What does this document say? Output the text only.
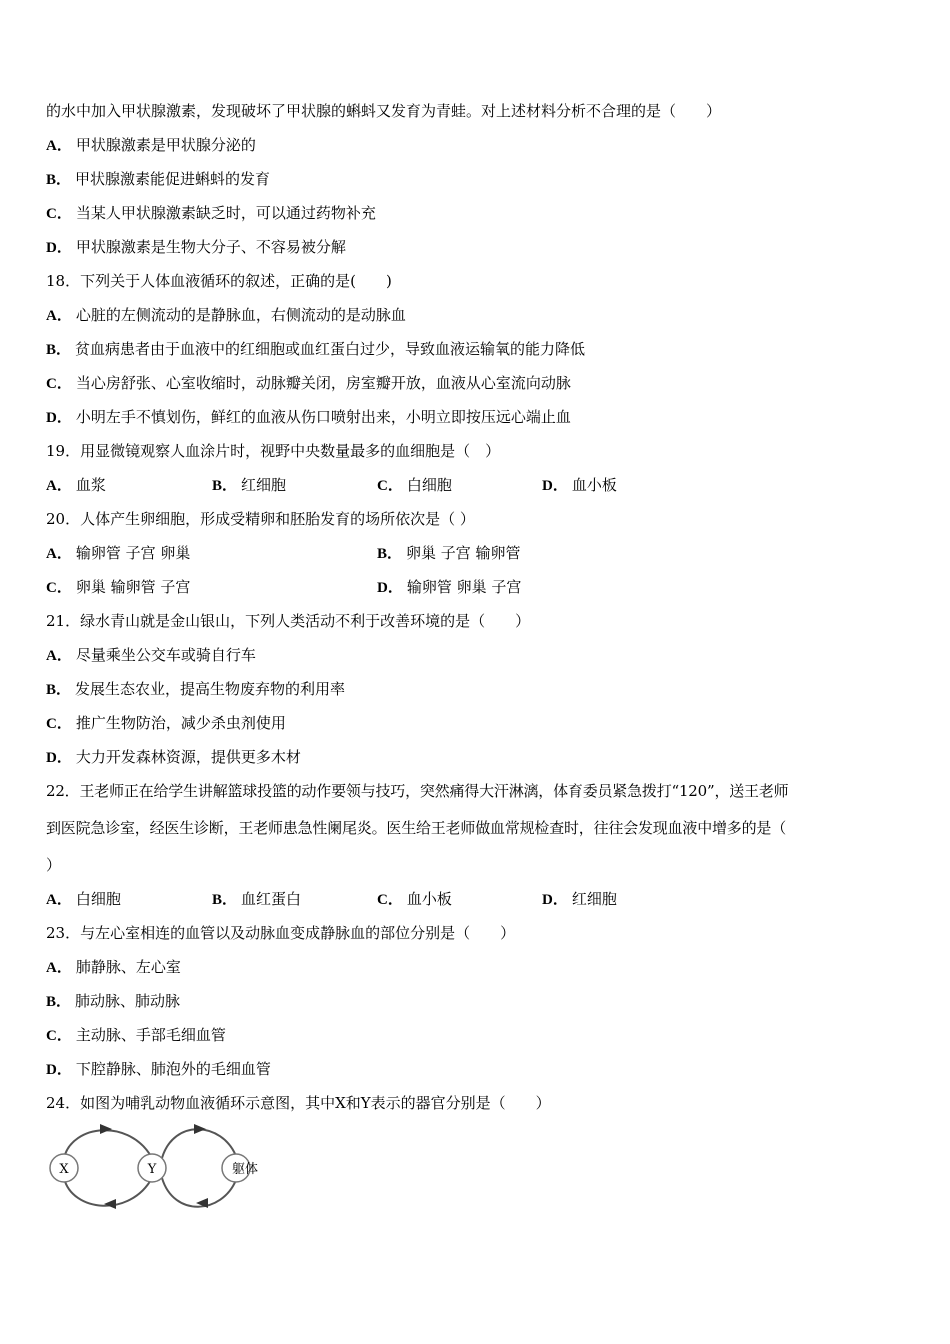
的水中加入甲状腺激素，发现破坏了甲状腺的蝌蚪又发育为青蛙。对上述材料分析不合理的是（　　）
A． 甲状腺激素是甲状腺分泌的
B． 甲状腺激素能促进蝌蚪的发育
C． 当某人甲状腺激素缺乏时，可以通过药物补充
D． 甲状腺激素是生物大分子、不容易被分解
18．下列关于人体血液循环的叙述，正确的是(　　)
A． 心脏的左侧流动的是静脉血，右侧流动的是动脉血
B． 贫血病患者由于血液中的红细胞或血红蛋白过少，导致血液运输氧的能力降低
C． 当心房舒张、心室收缩时，动脉瓣关闭，房室瓣开放，血液从心室流向动脉
D． 小明左手不慎划伤，鲜红的血液从伤口喷射出来，小明立即按压远心端止血
19．用显微镜观察人血涂片时，视野中央数量最多的血细胞是（　）
A． 血浆	B． 红细胞	C． 白细胞	D． 血小板
20．人体产生卵细胞，形成受精卵和胚胎发育的场所依次是（ ）
A． 输卵管 子宫 卵巢	B． 卵巢 子宫 输卵管
C． 卵巢 输卵管 子宫	D． 输卵管 卵巢 子宫
21．绿水青山就是金山银山，下列人类活动不利于改善环境的是（　　）
A． 尽量乘坐公交车或骑自行车
B． 发展生态农业，提高生物废弃物的利用率
C． 推广生物防治，减少杀虫剂使用
D． 大力开发森林资源，提供更多木材
22．王老师正在给学生讲解篮球投篮的动作要领与技巧，突然痛得大汗淋漓，体育委员紧急拨打“120”，送王老师
到医院急诊室，经医生诊断，王老师患急性阑尾炎。医生给王老师做血常规检查时，往往会发现血液中增多的是（
）
A． 白细胞	B． 血红蛋白	C． 血小板	D． 红细胞
23．与左心室相连的血管以及动脉血变成静脉血的部位分别是（　　）
A． 肺静脉、左心室
B． 肺动脉、肺动脉
C． 主动脉、手部毛细血管
D． 下腔静脉、肺泡外的毛细血管
24．如图为哺乳动物血液循环示意图，其中X和Y表示的器官分别是（　　）
X	Y	躯体
